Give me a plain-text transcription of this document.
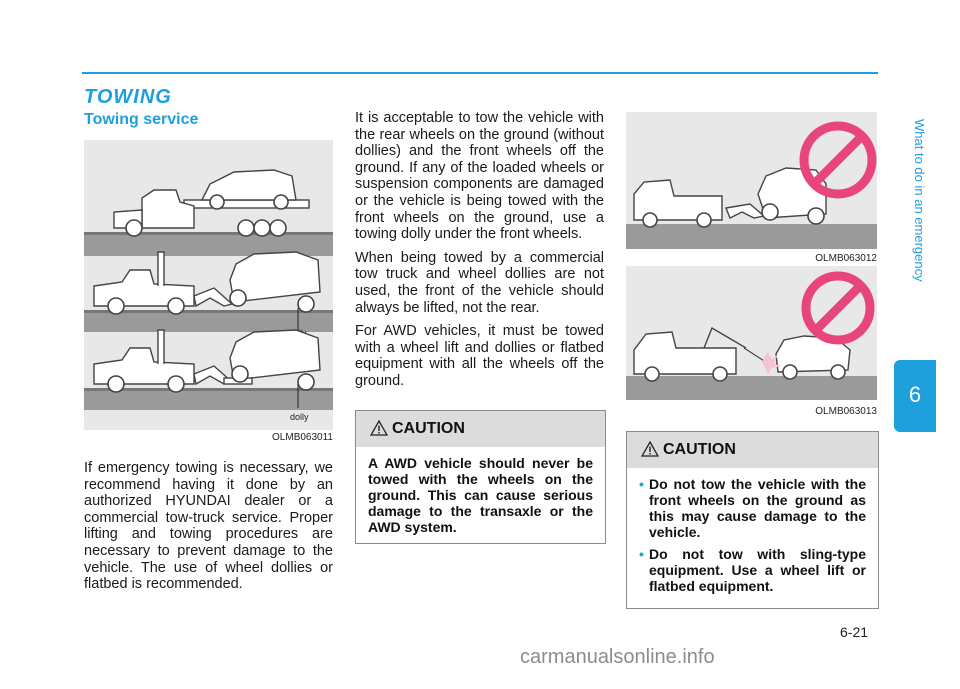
TOWING
Towing service
dolly
OLMB063011

If emergency towing is necessary, we recommend having it done by an authorized HYUNDAI dealer or a commercial tow-truck service. Proper lifting and towing procedures are necessary to prevent damage to the vehicle. The use of wheel dollies or flatbed is recommended.

It is acceptable to tow the vehicle with the rear wheels on the ground (without dollies) and the front wheels off the ground. If any of the loaded wheels or suspension components are damaged or the vehicle is being towed with the front wheels on the ground, use a towing dolly under the front wheels.

When being towed by a commercial tow truck and wheel dollies are not used, the front of the vehicle should always be lifted, not the rear.

For AWD vehicles, it must be towed with a wheel lift and dollies or flatbed equipment with all the wheels off the ground.

CAUTION
A AWD vehicle should never be towed with the wheels on the ground. This can cause serious damage to the transaxle or the AWD system.
OLMB063012
OLMB063013
CAUTION
• Do not tow the vehicle with the front wheels on the ground as this may cause damage to the vehicle.
• Do not tow with sling-type equipment. Use a wheel lift or flatbed equipment.
What to do in an emergency
6
6-21
carmanualsonline.info
